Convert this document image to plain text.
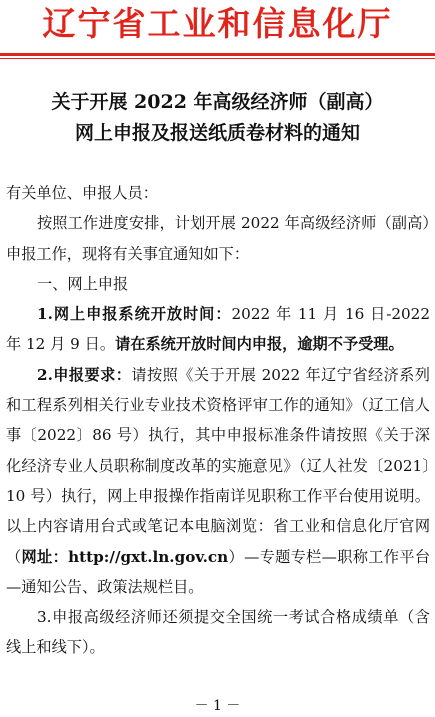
辽宁省工业和信息化厅
关于开展 2022 年高级经济师（副高）
网上申报及报送纸质卷材料的通知

有关单位、申报人员：

按照工作进度安排，计划开展 2022 年高级经济师（副高）申报工作，现将有关事宜通知如下：

一、网上申报

1.网上申报系统开放时间：2022 年 11 月 16 日-2022 年 12 月 9 日。请在系统开放时间内申报，逾期不予受理。

2.申报要求：请按照《关于开展 2022 年辽宁省经济系列和工程系列相关行业专业技术资格评审工作的通知》（辽工信人事〔2022〕86 号）执行，其中申报标准条件请按照《关于深化经济专业人员职称制度改革的实施意见》（辽人社发〔2021〕10 号）执行，网上申报操作指南详见职称工作平台使用说明。以上内容请用台式或笔记本电脑浏览：省工业和信息化厅官网（网址：http://gxt.ln.gov.cn）—专题专栏—职称工作平台—通知公告、政策法规栏目。

3.申报高级经济师还须提交全国统一考试合格成绩单（含线上和线下）。

－ 1 －
